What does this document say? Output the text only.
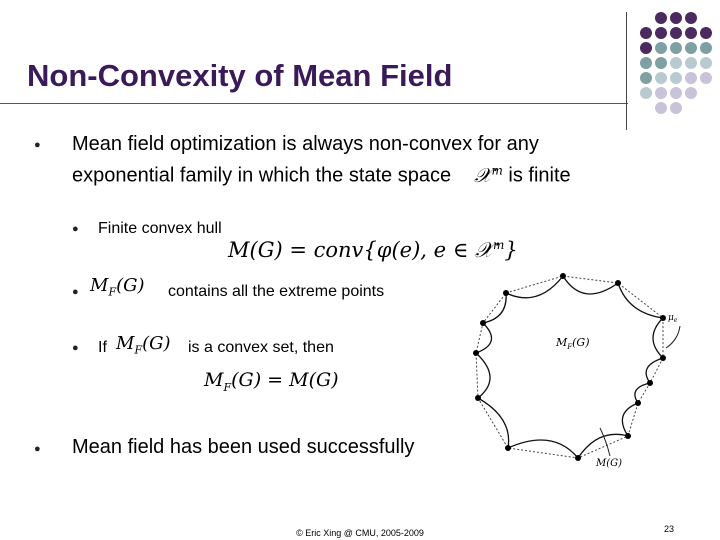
Non-Convexity of Mean Field
● Mean field optimization is always non-convex for any
exponential family in which the state space 𝒳$^m$ is finite
● Finite convex hull
M(G) = conv{φ(e), e ∈ 𝒳$^m$}
● $M_F(G)$ contains all the extreme points
● If $M_F(G)$ is a convex set, then
$M_F(G) = M(G)$
● Mean field has been used successfully
$M_F(G)$
M(G)
$\mu_e$
© Eric Xing @ CMU, 2005-2009	23
